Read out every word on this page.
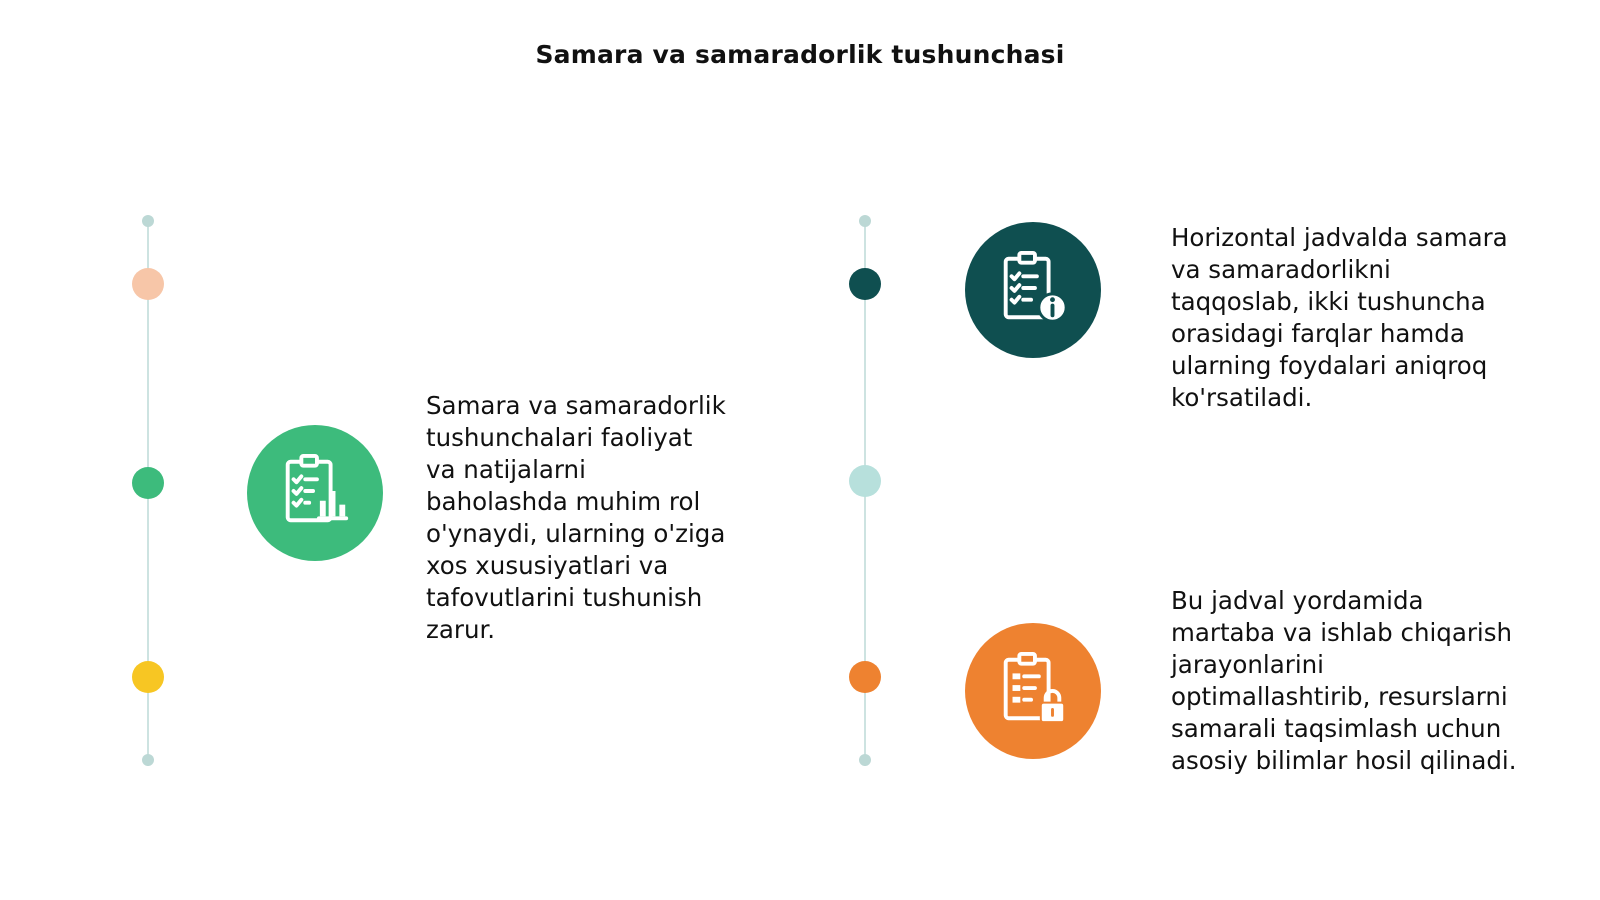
Samara va samaradorlik tushunchasi
Samara va samaradorlik
tushunchalari faoliyat
va natijalarni
baholashda muhim rol
o'ynaydi, ularning o'ziga
xos xususiyatlari va
tafovutlarini tushunish
zarur.
Horizontal jadvalda samara
va samaradorlikni
taqqoslab, ikki tushuncha
orasidagi farqlar hamda
ularning foydalari aniqroq
ko'rsatiladi.
Bu jadval yordamida
martaba va ishlab chiqarish
jarayonlarini
optimallashtirib, resurslarni
samarali taqsimlash uchun
asosiy bilimlar hosil qilinadi.
